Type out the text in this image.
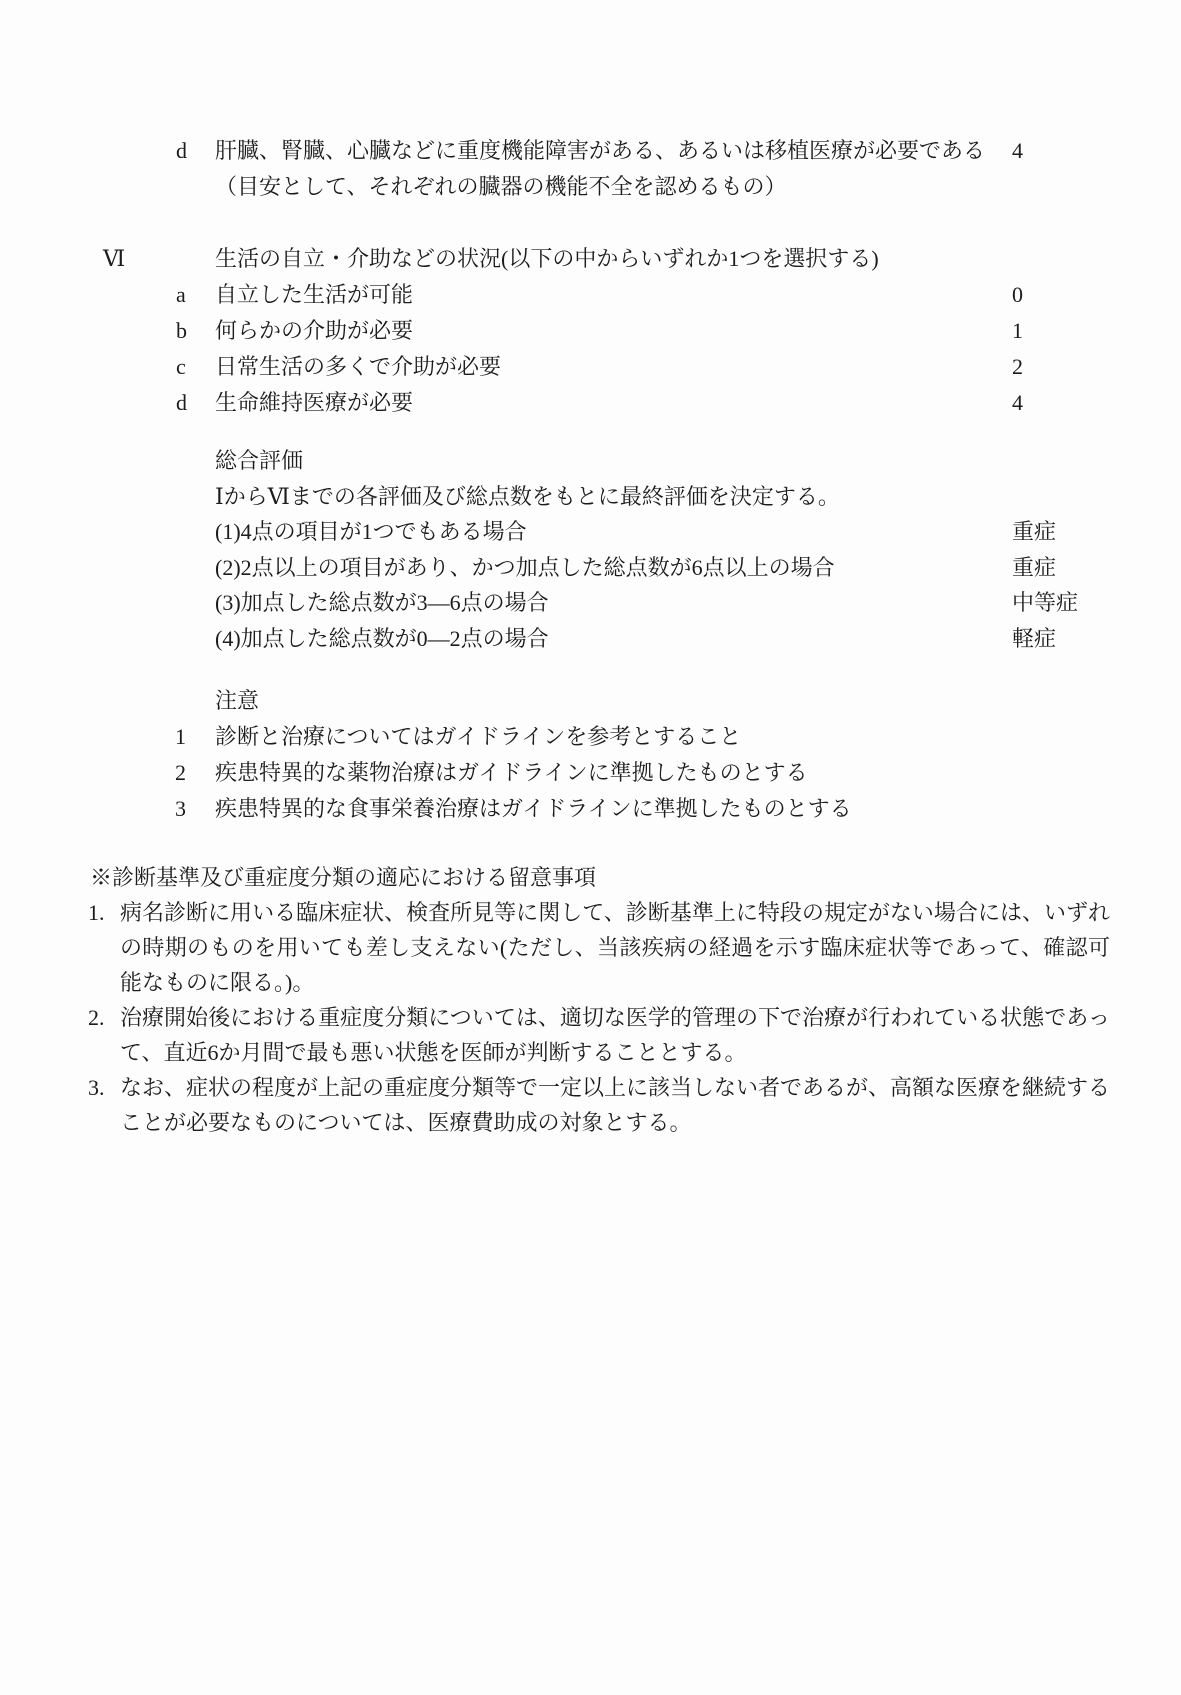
d 肝臓、腎臓、心臓などに重度機能障害がある、あるいは移植医療が必要である 4
（目安として、それぞれの臓器の機能不全を認めるもの）
Ⅵ	生活の自立・介助などの状況(以下の中からいずれか1つを選択する)
a 自立した生活が可能	0
b 何らかの介助が必要	1
c 日常生活の多くで介助が必要	2
d 生命維持医療が必要	4
総合評価
ⅠからⅥまでの各評価及び総点数をもとに最終評価を決定する。
(1)4点の項目が1つでもある場合	重症
(2)2点以上の項目があり、かつ加点した総点数が6点以上の場合	重症
(3)加点した総点数が3—6点の場合	中等症
(4)加点した総点数が0—2点の場合	軽症
注意
1 診断と治療についてはガイドラインを参考とすること
2 疾患特異的な薬物治療はガイドラインに準拠したものとする
3 疾患特異的な食事栄養治療はガイドラインに準拠したものとする
※診断基準及び重症度分類の適応における留意事項

1. 病名診断に用いる臨床症状、検査所見等に関して、診断基準上に特段の規定がない場合には、いずれの時期のものを用いても差し支えない(ただし、当該疾病の経過を示す臨床症状等であって、確認可能なものに限る。)。

2. 治療開始後における重症度分類については、適切な医学的管理の下で治療が行われている状態であって、直近6か月間で最も悪い状態を医師が判断することとする。

3. なお、症状の程度が上記の重症度分類等で一定以上に該当しない者であるが、高額な医療を継続することが必要なものについては、医療費助成の対象とする。
